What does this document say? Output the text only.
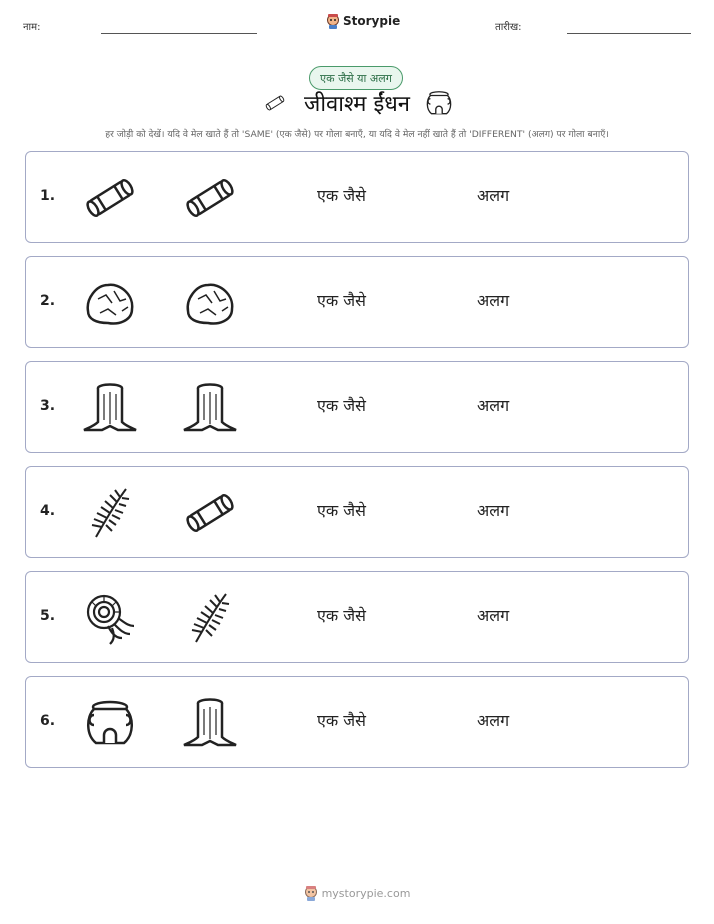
नाम:	Storypie	तारीख:
एक जैसे या अलग
जीवाश्म ईंधन
हर जोड़ी को देखें। यदि वे मेल खाते हैं तो 'SAME' (एक जैसे) पर गोला बनाएँ, या यदि वे मेल नहीं खाते हैं तो 'DIFFERENT' (अलग) पर गोला बनाएँ।
1.	एक जैसे	अलग
2.	एक जैसे	अलग
3.	एक जैसे	अलग
4.	एक जैसे	अलग
5.	एक जैसे	अलग
6.	एक जैसे	अलग
mystorypie.com
